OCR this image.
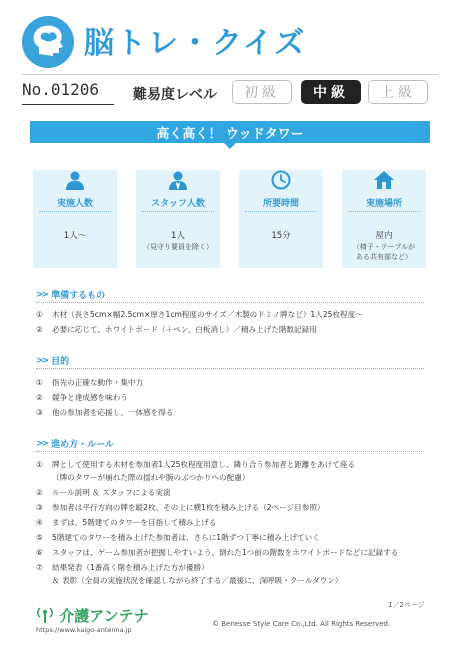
脳トレ・クイズ
No.01206 難易度レベル	初級	中級	上級
高く高く！ ウッドタワー
実施人数
1人〜
スタッフ人数
1人
（見守り要員を除く）
所要時間
15分
実施場所
屋内
（椅子・テーブルが
ある共有部など）
>> 準備するもの
① 木材（長さ5cm×幅2.5cm×厚さ1cm程度のサイズ／木製のドミノ牌など）1人25枚程度〜
② 必要に応じて、ホワイトボード（＋ペン、白板消し）／積み上げた階数記録用
>> 目的
① 指先の正確な動作・集中力
② 競争と達成感を味わう
③ 他の参加者を応援し、一体感を得る
>> 進め方・ルール
① 牌として使用する木材を参加者1人25枚程度用意し、隣り合う参加者と距離をあけて座る
（牌のタワーが崩れた際の揺れや腕のぶつかりへの配慮）
② ルール説明 ＆ スタッフによる実演
③ 参加者は平行方向の牌を縦2枚、その上に横1枚を積み上げる（2ページ目参照）
④ まずは、5階建てのタワーを目指して積み上げる
⑤ 5階建てのタワーを積み上げた参加者は、さらに1階ずつ丁寧に積み上げていく
⑥ スタッフは、ゲーム参加者が把握しやすいよう、倒れた1つ前の階数をホワイトボードなどに記録する
⑦ 結果発表（1番高く階を積み上げた方が優勝）
＆ 表彰（全員の実施状況を確認しながら終了する／最後に、深呼吸・クールダウン）
1／2ページ
介護アンテナ
https://www.kaigo-antenna.jp
© Benesse Style Care Co.,Ltd. All Rights Reserved.
